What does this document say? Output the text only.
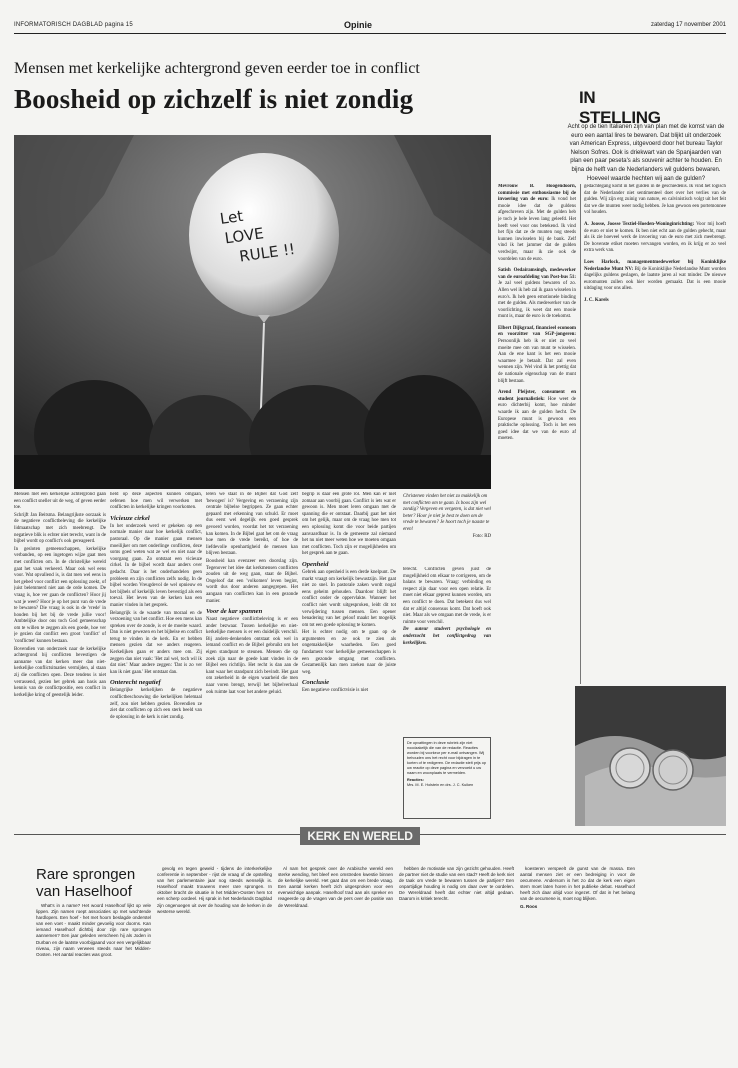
INFORMATORISCH DAGBLAD pagina 15	Opinie	zaterdag 17 november 2001
Mensen met kerkelijke achtergrond geven eerder toe in conflict
Boosheid op zichzelf is niet zondig	IN STELLING
Acht op de tien Italianen zijn van plan met de komst van de euro een aantal lires te bewaren. Dat blijkt uit onderzoek van American Express, uitgevoerd door het bureau Taylor Nelson Sofres. Ook is driekwart van de Spanjaarden van plan een paar peseta's als souvenir achter te houden. En bijna de helft van de Nederlanders wil guldens bewaren. Hoeveel waarde hechten wij aan de gulden?
Let LOVE RULE !!

Mensen met een kerkelijke achtergrond gaan een conflict sneller uit de weg, of geven eerder toe.

Schrijft Jan Beitsma. Belangrijkste oorzaak is de negatieve conflictbeleving die kerkelijke lidmaatschap met zich meebrengt. De negatieve blik is echter niet terecht, want in de bijbel wordt op conflict's ook gereageerd.

In gesloten gemeenschappen, kerkelijke verbanden, op een ingetogen wijze gaat men met conflicten om. In de christelijke wereld gaat het vaak verkeerd. Maar ook wel eens voor. Wat opvallend is, is dat men wel eens in het gebed voor conflict een oplossing zoekt, of juist belemmerd niet aan de orde komen. De vraag is, hoe ver gaan de conflicten? Hoor jij wat je weet? Hoor je op het punt van de vrede te bewaren? Die vraag is ook in de 'vrede' in houden bij het bij de vrede jullie voor! Ambtelijke door ons toch God gemeenschap om te willen te zeggen als een goede, hoe ver je gezien dat conflict een groot 'conflict' of 'conflicten' kunnen bestaan.

Bovendien van onderzoek naar de kerkelijke achtergrond bij conflicten bevestigen de aanname van dat kerken meer dan niet-kerkelijke conflictsituaties vermijden, al staan zij die conflicten open. Deze tendens is niet verrassend, gezien het gebrek aan basis aan kennis van de conflictpositie, een conflict in kerkelijke kring of geestelijk leider.

held op deze aspecten kunnen omgaan, oefenen hoe men wil verwerken met conflicten in kerkelijke kringen voorkomen.

Vicieuze cirkel

In het onderzoek werd er gekeken op een normale manier naar hoe kerkelijk conflict, pastoraal. Op die manier gaan mensen moeilijker om met onderlinge conflicten, deze soms goed weten wat ze wel en niet naar de voorgang gaan. Zo ontstaat een vicieuze cirkel. In de bijbel wordt daar anders over gedacht. Daar is het onderhandelen geen probleem en zijn conflicten zelfs nodig. In de bijbel worden Vreugdevol de wel opnieuw en het bijbels of kerkelijk leven bevestigd als een toeval. Het leven van de kerken kan een manier vinden in het gesprek.

Belangrijk is de waarde van moraal en de verzoening van het conflict. Hoe een mens kan spreken over de zonde, is er de moeite waard. Dan is niet gewezen en het bijbelse en conflict terug te vinden in de kerk. En er hebben mensen gezien dat we anders reageren. Kerkelijken gaan er anders mee om. Zij zeggen dan niet vaak: 'Het zal wel, toch wil ik dat niet.' Maar andere zeggen: 'Dat is zo ver kan ik niet gaan.' Het ontstaat dan.

Onterecht negatief

Belangrijke kerkelijken de negatieve conflictbeschouwing die kerkelijken helemaal zelf, zou niet hebben gezien. Bovendien ze ziet dat conflicten op zich een sterk beeld van de oplossing in de kerk is niet zondig.

leren we staat in de Bijbel dat God zelf 'bewogen' is? Vergeving en verzoening zijn centrale bijbelse begrippen. Ze gaan echter gepaard met erkenning van schuld. Er moet dus eerst wel degelijk een goed gesprek gevoerd worden, voordat het tot verzoening kan komen. In de Bijbel gaat het om de vraag hoe men de vrede bereikt, of hoe de liefdevolle openhartigheid de mensen kan blijven bestaan.

Boosheid kan evenzeer een doorslag zijn. Tegenover het idee dat kerkmensen conflicten zouden uit de weg gaan, staat de Bijbel. Ongeloof dat een 'volkomen' leven begint, wordt dus door anderen aangegrepen. Het aangaan van conflicten kan in een gezonde manier.

Voor de kar spannen

Naast negatieve conflictbeleving is er een ander bezwaar. Tussen kerkelijke en niet-kerkelijke mensen is er een duidelijk verschil. Bij anders-denkenden ontstaat ook wel in iemand conflict en de Bijbel gebruikt om het eigen standpunt te steunen. Mensen die op zoek zijn naar de goede kant vinden in de Bijbel een richtlijn. Het recht is dan aan de kant waar het standpunt zich bevindt. Het gaat om zekerheid in de eigen waarheid die men naar voren brengt, terwijl het bijbelverhaal ook ruimte laat voor het andere geluid.

begrip is daar een grote rol. Men kan er niet zomaar aan voorbij gaan. Conflict is iets wat er gewoon is. Men moet leren omgaan met de spanning die er ontstaat. Daarbij gaat het niet om het gelijk, maar om de vraag hoe men tot een oplossing komt die voor beide partijen aanvaardbaar is. In de gemeente zal niemand het nu niet meer weten hoe we moeten omgaan met conflicten. Toch zijn er mogelijkheden om het gesprek aan te gaan.

Openheid

Gebrek aan openheid is een derde knelpunt. De markt vraagt om kerkelijk bewustzijn. Het gaat niet zo snel. In pastorale zaken wordt nogal eens geheim gehouden. Daardoor blijft het conflict onder de oppervlakte. Wanneer het conflict niet wordt uitgesproken, leidt dit tot verwijdering tussen mensen. Een opener benadering van het geloof maakt het mogelijk om tot een goede oplossing te komen.

Het is echter nodig om te gaan op de argumenten en ze ook te zien als ongemakkelijke waarheden. Een goed fundament voor kerkelijke gemeenschappen is een gezonde omgang met conflicten. Gezamenlijk kan men zoeken naar de juiste weg.

Conclusie

Een negatieve conflictvisie is niet

Christenen vinden het niet zo makkelijk om met conflicten om te gaan. Is boos zijn wel zondig? Vergeven en vergeten, is dat niet wel beter? Hoor je niet je best te doen om de vrede te bewaren? Je hoort toch je naaste te eren!
Foto: RD

terecht. Conflicten geven juist de mogelijkheid om elkaar te corrigeren, om de balans te bewaren. Vraag: verbinding en respect zijn daar voor een open relatie. Er moet niet elkaar geprest kunnen worden, om een conflict te doen. Dat betekent dus wel dat er altijd consensus komt. Dat hoeft ook niet. Maar als we omgaan met de vrede, is er ruimte voor verschil.

De auteur studeert psychologie en onderzocht het conflictgedrag van kerkelijken.

De opvattingen in deze rubriek zijn niet noodzakelijk die van de redactie. Reacties worden bij voorkeur per e-mail ontvangen. Wij behouden ons het recht voor bijdragen in te korten of te redigeren. De redactie stelt prijs op uw reactie op deze pagina en verzoekt u uw naam en woonplaats te vermelden.
Reacties:
Mrs. M. E. Holstein en drs. J. C. Kuiken

Mevrouw B. Hoogendoorn, commissie met enthousiasme bij de invoering van de euro: Ik vond het mooie idee dat de guldens afgeschreven zijn. Met de gulden heb je toch je hele leven lang geleefd. Het heeft veel voor ons betekend. Ik vind het fijn dat ze de munten nog steeds kunnen inwisselen bij de bank. Zelf vind ik het jammer dat de gulden verdwijnt, maar ik zie ook de voordelen van de euro.

Satish Oedairamsingh, medewerker van de euroafdeling van Post-bus 51: Je zal veel guldens bewaren of zo. Allen wel ik heb zal ik gaan wisselen in euro's. Ik heb geen emotionele binding met de gulden. Als medewerker van de voorlichting, ik weet dat een mooie munt is, maar de euro is de toekomst.

Elbert Dijkgraaf, financieel econoom en voorzitter van SGP-jongeren: Persoonlijk heb ik er niet zo veel moeite mee om van munt te wisselen. Aan de ene kant is het een mooie waarmee je betaalt. Dat zal even wennen zijn. Wel vind ik het prettig dat de nationale eigenschap van de munt blijft bestaan.

Arend Pleijster, consument en student journalistiek: Hoe weet de euro dichterbij komt, hoe minder waarde ik aan de gulden hecht. De Europese munt is gewoon een praktische oplossing. Toch is het een goed idee dat we van de euro af moeten.

gedachtegang komt in het gulden in de geschiedenis. Ik vind het logisch dat de Nederlander niet sentimenteel doet over het verlies van de gulden. Wij zijn erg zuinig van nature, en calvinistisch volgt uit het feit dat we die munten weer nodig hebben. Je kan gewoon een portemonnee vol houden.

A. Joosse, Joosse Textiel-Hoeden-Woninginrichting: Voor mij hoeft de euro er niet te komen. Ik ben niet echt aan de gulden gehecht, maar als ik zie hoeveel werk de invoering van de euro met zich meebrengt. De bovenste etiket moeten vervangen worden, en ik krijg er zo veel extra werk van.

Loes Harlock, managementmedewerker bij Koninklijke Nederlandse Munt NV: Bij de Koninklijke Nederlandse Munt worden dagelijks guldens geslagen, de laatste jaren al wat minder. De nieuwe euromunten zullen ook hier worden gemaakt. Dat is een mooie uitdaging voor ons allen.

J. C. Karels

KERK EN WERELD
Rare sprongen van Haselhoof

What's in a name? Het woord Haselhoof lijkt op vele lippen. Zijn namen roept associaties op met wachtende hardlopers. Een hoef - het met hoorn beslagde onderstel van een voet - maakt minder gevoelig voor doorns. Kan iemand Haselhoof dichtbij door zijn rare sprongen aannemen? Een jaar geleden verscheen hij als Joden in Durban en de laatste voorbijgaand voor een vergelijkbaar niveau, zijn naam verwees steeds naar het Midden-Oosten. Het aantal reacties was groot.

gevolg en tegen geweld - tijdens de interkerkelijke conferentie in september - rijst de vraag of de opstelling van het parlementaire jaar nog steeds wenselijk is. Haselhoof maakt trouwens meer rare sprongen. In oktober bracht de situatie in het Midden-Oosten hem tot een scherp oordeel. Hij sprak in het Nederlands Dagblad zijn ongenoegen uit over de houding van de kerken in de westerse wereld.

Al nam het gesprek over de Arabische wereld een sterke wending, het bleef een omstreden kwestie binnen de kerkelijke wereld. Het gaat dan om een brede vraag. Een aantal kerken heeft zich uitgesproken voor een evenwichtige aanpak. Haselhoof trad aan als spreker en reageerde op de vragen van de pers over de positie van de Wereldraad.

hebben de motivatie van zijn gezicht gehouden. Heeft de partner niet de studie van een stad? Heeft de kerk niet de taak om vrede te bewaren tussen de partijen? Een onpartijdige houding is nodig om daar over te oordelen. De Wereldraad heeft dat echter niet altijd gedaan. Daarom is kritiek terecht.

koesteren verspeelt de gunst van de massa. Een aantal mensen ziet er een bedreiging in voor de oecumene. Andersom is het zo dat de kerk een eigen stem moet laten horen in het publieke debat. Haselhoof heeft zich daar altijd voor ingezet. Of dat in het belang van de oecumene is, moet nog blijken.

G. Roos
